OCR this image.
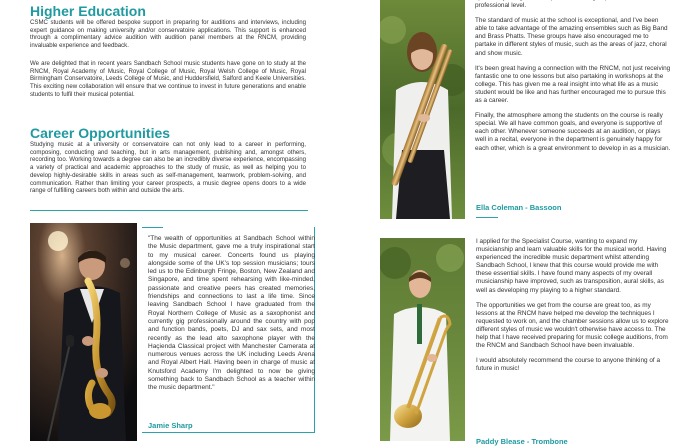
Higher Education

CSMC students will be offered bespoke support in preparing for auditions and interviews, including expert guidance on making university and/or conservatoire applications. This support is enhanced through a complimentary advice audition with audition panel members at the RNCM, providing invaluable experience and feedback.

We are delighted that in recent years Sandbach School music students have gone on to study at the RNCM, Royal Academy of Music, Royal College of Music, Royal Welsh College of Music, Royal Birmingham Conservatoire, Leeds College of Music, and Huddersfield, Salford and Keele Universities. This exciting new collaboration will ensure that we continue to invest in future generations and enable students to fulfil their musical potential.

Career Opportunities

Studying music at a university or conservatoire can not only lead to a career in performing, composing, conducting and teaching, but in arts management, publishing and, amongst others, recording too. Working towards a degree can also be an incredibly diverse experience, encompassing a variety of practical and academic approaches to the study of music, as well as helping you to develop highly-desirable skills in areas such as self-management, teamwork, problem-solving, and communication. Rather than limiting your career prospects, a music degree opens doors to a wide range of fulfilling careers both within and outside the arts.

"The wealth of opportunities at Sandbach School within the Music department, gave me a truly inspirational start to my musical career. Concerts found us playing alongside some of the UK's top session musicians; tours led us to the Edinburgh Fringe, Boston, New Zealand and Singapore, and time spent rehearsing with like-minded, passionate and creative peers has created memories, friendships and connections to last a life time. Since leaving Sandbach School I have graduated from the Royal Northern College of Music as a saxophonist and currently gig professionally around the country with pop and function bands, poets, DJ and sax sets, and most recently as the lead alto saxophone player with the Haçienda Classical project with Manchester Camerata at numerous venues across the UK including Leeds Arena and Royal Albert Hall. Having been in charge of music at Knutsford Academy I'm delighted to now be giving something back to Sandbach School as a teacher within the music department."

Jamie Sharp

professional level.

The standard of music at the school is exceptional, and I've been able to take advantage of the amazing ensembles such as Big Band and Brass Phatts. These groups have also encouraged me to partake in different styles of music, such as the areas of jazz, choral and show music.

It's been great having a connection with the RNCM, not just receiving fantastic one to one lessons but also partaking in workshops at the college. This has given me a real insight into what life as a music student would be like and has further encouraged me to pursue this as a career.

Finally, the atmosphere among the students on the course is really special. We all have common goals, and everyone is supportive of each other. Whenever someone succeeds at an audition, or plays well in a recital, everyone in the department is genuinely happy for each other, which is a great environment to develop in as a musician.

Ella Coleman - Bassoon

I applied for the Specialist Course, wanting to expand my musicianship and learn valuable skills for the musical world. Having experienced the incredible music department whilst attending Sandbach School, I knew that this course would provide me with these essential skills. I have found many aspects of my overall musicianship have improved, such as transposition, aural skills, as well as developing my playing to a higher standard.

The opportunities we get from the course are great too, as my lessons at the RNCM have helped me develop the techniques I requested to work on, and the chamber sessions allow us to explore different styles of music we wouldn't otherwise have access to. The help that I have received preparing for music college auditions, from the RNCM and Sandbach School have been invaluable.

I would absolutely recommend the course to anyone thinking of a future in music!

Paddy Blease - Trombone
